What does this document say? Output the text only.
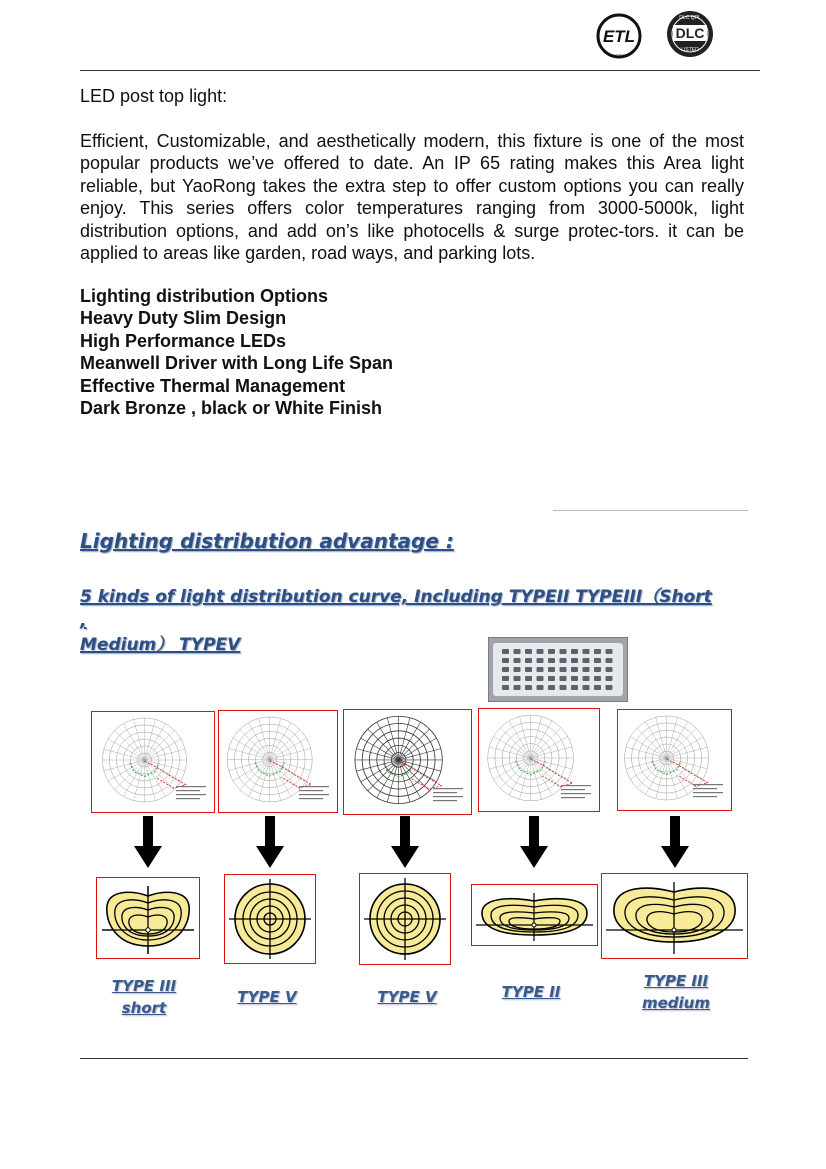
ETL
LISTED
DLC QPL
DLC
LISTED
LED post top light:

Efficient, Customizable, and aesthetically modern, this fixture is one of the most popular products we’ve offered to date. An IP 65 rating makes this Area light reliable, but YaoRong takes the extra step to offer custom options you can really enjoy. This series offers color temperatures ranging from 3000-5000k, light distribution options, and add on’s like photocells & surge protec-tors. it can be applied to areas like garden, road ways, and parking lots.

Lighting distribution Options
Heavy Duty Slim Design
High Performance LEDs
Meanwell Driver with Long Life Span
Effective Thermal Management
Dark Bronze , black or White Finish
Lighting distribution advantage :
5 kinds of light distribution curve, Including TYPEII TYPEIII（Short ,
Medium） TYPEV
TYPE III
short
TYPE V	TYPE V	TYPE II
TYPE III
medium
